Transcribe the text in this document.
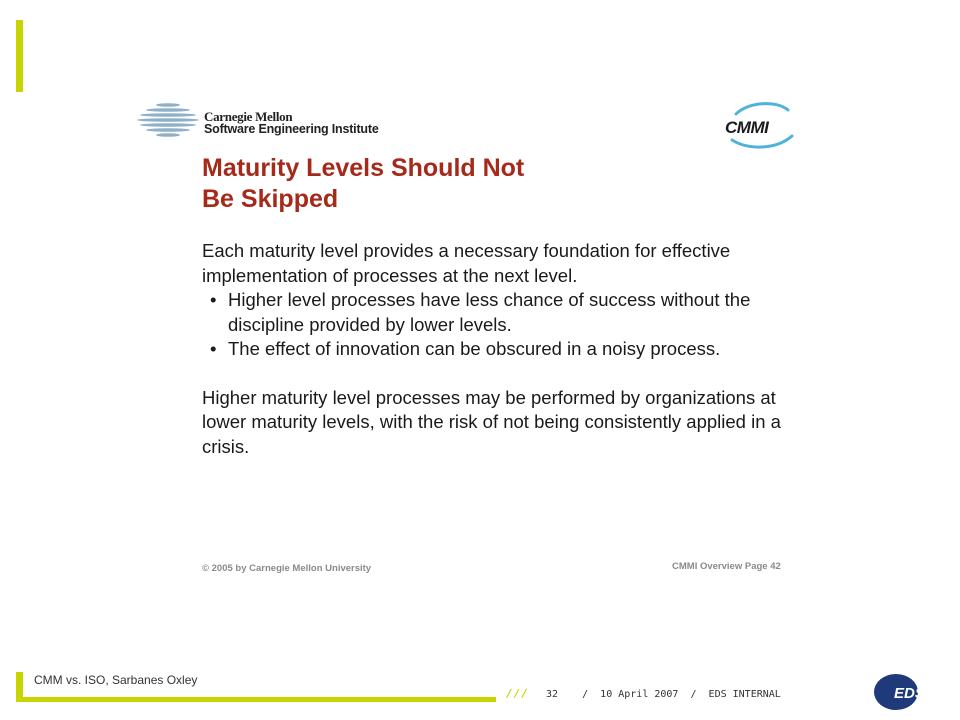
Carnegie Mellon
Software Engineering Institute	CMMI
Maturity Levels Should Not
Be Skipped

Each maturity level provides a necessary foundation for effective implementation of processes at the next level.

• Higher level processes have less chance of success without the discipline provided by lower levels.
• The effect of innovation can be obscured in a noisy process.

Higher maturity level processes may be performed by organizations at lower maturity levels, with the risk of not being consistently applied in a crisis.

© 2005 by Carnegie Mellon University	CMMI Overview Page 42
CMM vs. ISO, Sarbanes Oxley
/// 32    /  10 April 2007  /  EDS INTERNAL	EDS
